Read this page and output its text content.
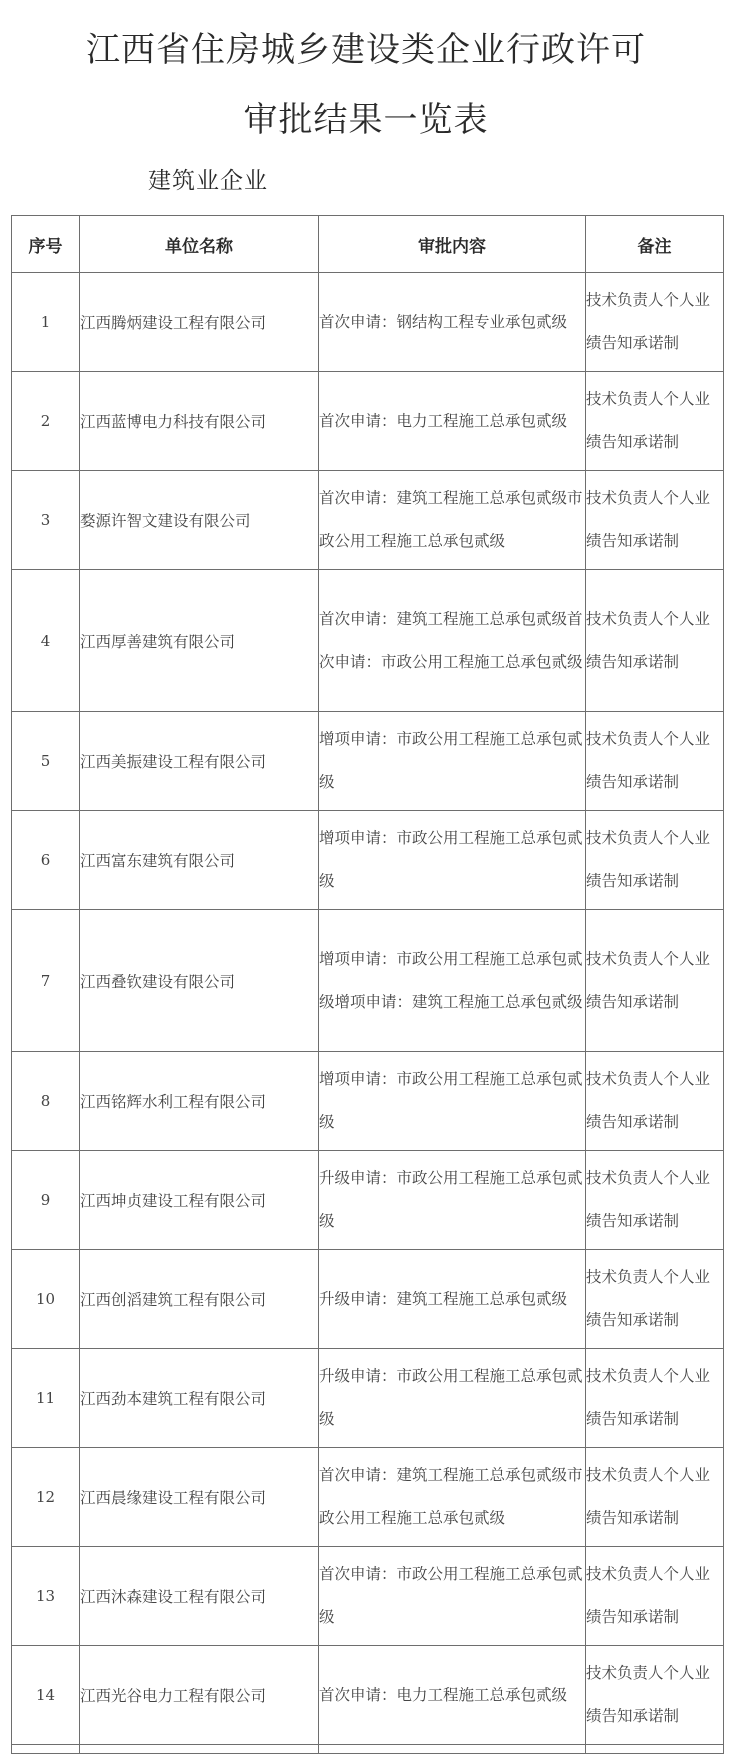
江西省住房城乡建设类企业行政许可
审批结果一览表
建筑业企业
序号	单位名称	审批内容	备注
1	江西腾炳建设工程有限公司	首次申请：钢结构工程专业承包贰级	技术负责人个人业绩告知承诺制
2	江西蓝博电力科技有限公司	首次申请：电力工程施工总承包贰级	技术负责人个人业绩告知承诺制
3	婺源许智文建设有限公司	首次申请：建筑工程施工总承包贰级市政公用工程施工总承包贰级	技术负责人个人业绩告知承诺制
4	江西厚善建筑有限公司	首次申请：建筑工程施工总承包贰级首次申请：市政公用工程施工总承包贰级	技术负责人个人业绩告知承诺制
5	江西美振建设工程有限公司	增项申请：市政公用工程施工总承包贰级	技术负责人个人业绩告知承诺制
6	江西富东建筑有限公司	增项申请：市政公用工程施工总承包贰级	技术负责人个人业绩告知承诺制
7	江西叠钦建设有限公司	增项申请：市政公用工程施工总承包贰级增项申请：建筑工程施工总承包贰级	技术负责人个人业绩告知承诺制
8	江西铭辉水利工程有限公司	增项申请：市政公用工程施工总承包贰级	技术负责人个人业绩告知承诺制
9	江西坤贞建设工程有限公司	升级申请：市政公用工程施工总承包贰级	技术负责人个人业绩告知承诺制
10	江西创滔建筑工程有限公司	升级申请：建筑工程施工总承包贰级	技术负责人个人业绩告知承诺制
11	江西劲本建筑工程有限公司	升级申请：市政公用工程施工总承包贰级	技术负责人个人业绩告知承诺制
12	江西晨缘建设工程有限公司	首次申请：建筑工程施工总承包贰级市政公用工程施工总承包贰级	技术负责人个人业绩告知承诺制
13	江西沐森建设工程有限公司	首次申请：市政公用工程施工总承包贰级	技术负责人个人业绩告知承诺制
14	江西光谷电力工程有限公司	首次申请：电力工程施工总承包贰级	技术负责人个人业绩告知承诺制
